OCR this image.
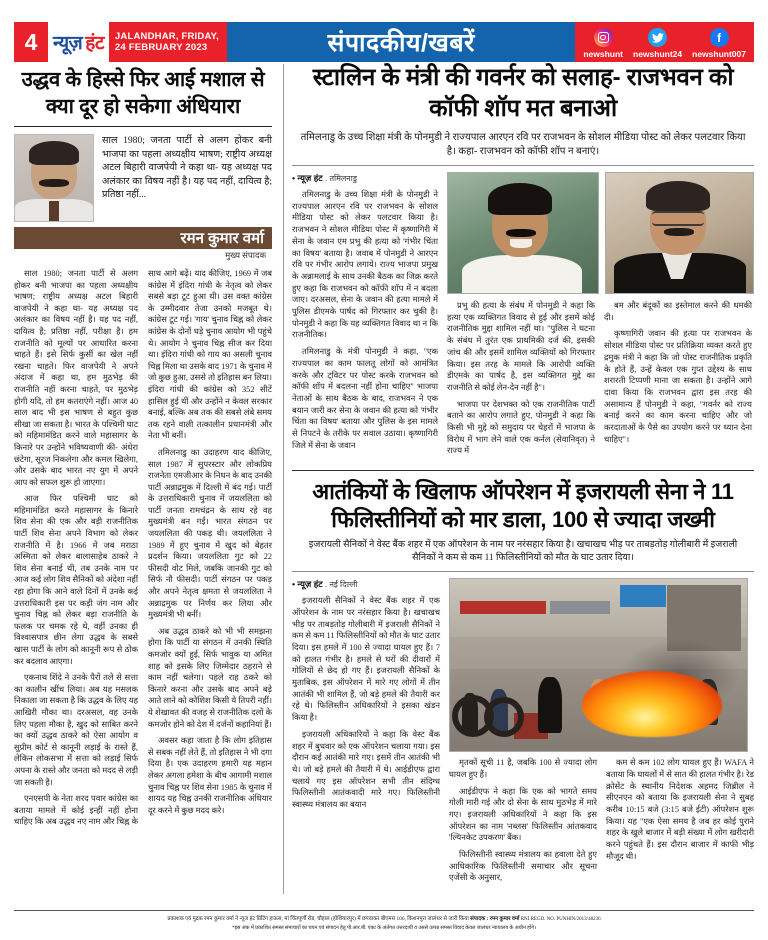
4 न्यूज़ हंट JALANDHAR, FRIDAY,
24 FEBRUARY 2023	संपादकीय/खबरें	newshunt newshunt24
f
newshunt007
उद्धव के हिस्से फिर आई मशाल से क्या दूर हो सकेगा अंधियारा
साल 1980; जनता पार्टी से अलग होकर बनी भाजपा का पहला अध्यक्षीय भाषण; राष्ट्रीय अध्यक्ष अटल बिहारी वाजपेयी ने कहा था- यह अध्यक्ष पद अलंकार का विषय नहीं है। यह पद नहीं, दायित्व है; प्रतिष्ठा नहीं...
रमन कुमार वर्मा
मुख्य संपादक

साल 1980; जनता पार्टी से अलग होकर बनी भाजपा का पहला अध्यक्षीय भाषण; राष्ट्रीय अध्यक्ष अटल बिहारी वाजपेयी ने कहा था- यह अध्यक्ष पद अलंकार का विषय नहीं है। यह पद नहीं, दायित्व है; प्रतिष्ठा नहीं, परीक्षा है। हम राजनीति को मूल्यों पर आधारित करना चाहते हैं। इसे सिर्फ कुर्सी का खेल नहीं रखना चाहते। फिर वाजपेयी ने अपने अंदाज में कहा था, हम मुठभेड़ की राजनीति नहीं करना चाहते, पर मुठभेड़ होगी यदि, तो हम कतराएंगे नहीं। आज 40 साल बाद भी इस भाषण से बहुत कुछ सीखा जा सकता है। भारत के पश्चिमी घाट को महिमामंडित करने वाले महासागर के किनारे पर उन्होंने भविष्यवाणी की- अंधेरा छंटेगा, सूरज निकलेगा और कमल खिलेगा, और उसके बाद भारत नए युग में अपने आप को सफल शुरू हो जाएगा।

आज फिर पश्चिमी घाट को महिमामंडित करते महासागर के किनारे शिव सेना की एक और बड़ी राजनीतिक पार्टी शिव सेना अपने विभाग को लेकर राजनीति में है। 1966 में जब मराठा अस्मिता को लेकर बालासाहेब ठाकरे ने शिव सेना बनाई थी, तब उनके नाम पर आज कई लोग शिव सैनिकों को अंदेशा नहीं रहा होगा कि आने वाले दिनों में उनके कई उत्तराधिकारी इस पर कड़ी जंग नाम और चुनाव चिह्न को लेकर बड़ा राजनीति के फलक पर चमक रहे थे, वहीं उनका ही विश्वासपात्र छीन लेगा उद्धव के सबसे खास पार्टी के लोग को कानूनी रूप से ठोक कर बदलाव आएगा।

एकनाथ शिंदे ने उनके पैरों तले से सत्ता का कालीन खींच लिया। अब यह मसलक निकाला जा सकता है कि उद्धव के लिए यह आखिरी मौका था। दरअसल, वह उनके लिए पहला मौका है, खुद को साबित करने का क्यों उद्धव ठाकरे को ऐसा आयोग व सुप्रीम कोर्ट से कानूनी लड़ाई के रास्ते हैं, लेकिन लोकसभा में सत्ता को लड़ाई सिर्फ अपना के रास्ते और जनता को मदद से लड़ी जा सकती है।

एनएसपी के नेता शरद पवार कांग्रेस का बताया मामले में कोई इन्हीं नहीं होना चाहिए कि अब उद्धव नए नाम और चिह्न के साथ आगे बढ़ें। याद कीजिए, 1969 में जब कांग्रेस में इंदिरा गांधी के नेतृत्व को लेकर सबसे बड़ा टूट हुआ थी। उस वक्त कांग्रेस के उम्मीदवार तेजा उनको मजबूत थे। कांग्रेस टूट गई। 'गाय' चुनाव चिह्न को लेकर कांग्रेस के दोनों धड़े चुनाव आयोग भी पहुंचे थे। आयोग ने चुनाव चिह्न सीज कर दिया था। इंदिरा गांधी को गाय का असली चुनाव चिह्न मिला था उसके बाद 1971 के चुनाव में जो कुछ हुआ, उससे तो इतिहास बन लिया। इंदिरा गांधी की कांग्रेस को 352 सीटें हासिल हुई थीं और उन्होंने न केवल सरकार बनाई, बल्कि अब तक की सबसे लंबे समय तक रहने वाली तत्कालीन प्रधानमंत्री और नेता भी बनीं।

तमिलनाडु का उदाहरण याद कीजिए, साल 1987 में सुपरस्टार और लोकप्रिय राजनेता एमजीआर के निधन के बाद उनकी पार्टी अन्नाद्रमुक में दिल्ली में बंद गई। पार्टी के उत्तराधिकारी चुनाव में जयललिता को पार्टी जनता रामचंद्रन के साथ रहे वह मुख्यमंत्री बन गईं। भारत संगठन पर जयललिता की पकड़ थी। जयललिता ने 1989 में हुए चुनाव में खुद को बेहतर प्रदर्शन किया। जयललिता गुट को 22 फीसदी वोट मिले, जबकि जानकी गुट को सिर्फ नौ फीसदी। पार्टी संगठन पर पकड़ और अपने नेतृत्व क्षमता से जयललिता ने अन्नाद्रमुक पर निर्णय कर लिया और मुख्यमंत्री भी बनीं।

अब उद्धव ठाकरे को भी भी समझना होगा कि पार्टी या संगठन में उनकी स्थिति कमजोर क्यों हुई, सिर्फ भावुक या अमित शाह को इसके लिए जिम्मेदार ठहराने से काम नहीं चलेगा। पहले राह ठकरे को किनारे करना और उसके बाद अपने बड़े आते लाने को कोशिश किसी ये तिपरी नहीं। ये शेखावत की वजह से राजनीतिक दलों के कमजोर होने को देश में दर्जनों कहानियां हैं।

अवसर कहा जाता है कि लोग इतिहास से सबक नहीं लेते हैं, तो इतिहास ने भी दगा दिया है। एक उदाहरण हमारी यह महान लेकर अगला हमेशा के बीच आगामी मशाल चुनाव चिह्न पर शिव सेना 1985 के चुनाव में शायद यह चिह्न उनकी राजनीतिक अंधियार दूर करने में कुछ मदद करे।

स्टालिन के मंत्री की गवर्नर को सलाह- राजभवन को कॉफी शॉप मत बनाओ
तमिलनाडु के उच्च शिक्षा मंत्री के पोनमुडी ने राज्यपाल आरएन रवि पर राजभवन के सोशल मीडिया पोस्ट को लेकर पलटवार किया है। कहा- राजभवन को कॉफी शॉप न बनाएं।
• न्यूज़ हंट . तमिलनाडु

तमिलनाडु के उच्च शिक्षा मंत्री के पोनमुडी ने राज्यपाल आरएन रवि पर राजभवन के सोशल मीडिया पोस्ट को लेकर पलटवार किया है। राजभवन ने सोशल मीडिया पोस्ट में कृष्णागिरी में सेना के जवान एम प्रभु की हत्या को 'गंभीर चिंता का विषय' बताया है। जवाब में पोनमुडी ने आरएन रवि पर गंभीर आरोप लगाये। राज्य भाजपा प्रमुख के अन्नामलाई के साथ उनकी बैठक का जिक्र करते हुए कहा कि राजभवन को कॉफी शॉप में न बदला जाए। दरअसल, सेना के जवान की हत्या मामले में पुलिस डीएमके पार्षद को गिरफ्तार कर चुकी है। पोनमुडी ने कहा कि यह व्यक्तिगत विवाद था न कि राजनीतिक।

तमिलनाडु के मंत्री पोनमुडी ने कहा, "एक राज्यपाल का काम फालतू लोगों को आमंत्रित करके और ट्विटर पर पोस्ट करके राजभवन को कॉफी शॉप में बदलना नहीं होना चाहिए" भाजपा नेताओं के साथ बैठक के बाद, राजभवन ने एक बयान जारी कर सेना के जवान की हत्या को 'गंभीर चिंता का विषय' बताया और पुलिस के इस मामले से निपटने के तरीके पर सवाल उठाया। कृष्णागिरी जिले में सेना के जवान

प्रभु की हत्या के संबंध में पोनमुडी ने कहा कि हत्या एक व्यक्तिगत विवाद से हुई और इसमें कोई राजनीतिक मुद्दा शामिल नहीं था। "पुलिस ने घटना के संबंध में तुरंत एक प्राथमिकी दर्ज की, इसकी जांच की और इसमें शामिल व्यक्तियों को गिरफ्तार किया। इस तरह के मामले कि आरोपी व्यक्ति डीएमके का पार्षद है, इस व्यक्तिगत मुद्दे का राजनीति से कोई लेन-देन नहीं है"।

भाजपा पर देशभक्त को एक राजनीतिक पार्टी बताने का आरोप लगाते हुए, पोनमुडी ने कहा कि किसी भी मुद्दे को समुदाय पर चेहरों में भाजपा के विरोध में भाग लेने वाले एक कर्नल (सेवानिवृत) ने राज्य में

बम और बंदूकों का इस्तेमाल करने की धमकी दी।

कृष्णागिरी जवान की हत्या पर राजभवन के सोशल मीडिया पोस्ट पर प्रतिक्रिया व्यक्त करते हुए द्रमुक मंत्री ने कहा कि जो पोस्ट राजनीतिक प्रकृति के होते हैं, उन्हें केवल एक गुप्त उद्देश्य के साथ शरारती टिप्पणी माना जा सकता है। उन्होंने आगे दावा किया कि राजभवन द्वारा इस तरह की असामान्य हैं पोनमुडी ने कहा, "गवर्नर को राज्य बनाई करने का काम करना चाहिए और जो करदाताओं के पैसे का उपयोग करने पर ध्यान देना चाहिए"।

आतंकियों के खिलाफ ऑपरेशन में इजरायली सेना ने 11 फिलिस्तीनियों को मार डाला, 100 से ज्यादा जख्मी
इजरायली सैनिकों ने वेस्ट बैंक शहर में एक ऑपरेशन के नाम पर नरंसहार किया है। खचाखच भीड़ पर ताबड़तोड़ गोलीबारी में इजराली सैनिकों ने कम से कम 11 फिलिस्तीनियों को मौत के घाट उतार दिया।
• न्यूज़ हंट . नई दिल्ली

इजरायली सैनिकों ने वेस्ट बैंक शहर में एक ऑपरेशन के नाम पर नरंसहार किया है। खचाखच भीड़ पर ताबड़तोड़ गोलीबारी में इजराली सैनिकों ने कम से कम 11 फिलिस्तीनियों को मौत के घाट उतार दिया। इस हमले में 100 से ज्यादा घायल हुए हैं। 7 को हालत गंभीर है। हमले से घरों की दीवारों में गोलियों से छेद हो गए हैं। इजरायली सैनिकों के मुताबिक, इस ऑपरेशन में मारे गए लोगों में तीन आतंकी भी शामिल हैं, जो बड़े हमले की तैयारी कर रहे थे। फिलिस्तीन अधिकारियों ने इसका खंडन किया है।

इजरायली अधिकारियों ने कहा कि वेस्ट बैंक शहर में बुधवार को एक ऑपरेशन चलाया गया। इस दौरान कई आतंकी मारे गए। इसमें तीन आतंकी भी थे। जो बड़े हमले की तैयारी में थे। आईडीएफ द्वारा चलाये गए इस ऑपरेशन सभी तीन संदिग्ध फिलिस्तीनी आतंकवादी मारे गए। फिलिस्तीनी स्वास्थ्य मंत्रालय का बयान

मृतकों सूची 11 है, जबकि 100 से ज्यादा लोग घायल हुए हैं।

आईडीएफ ने कहा कि एक को भागते समय गोली मारी गई और दो सेना के साथ मुठभेड़ में मारे गए। इजरायली अधिकारियों ने कहा कि इस ऑपरेशन का नाम 'नब्लस' फिलिस्तीन आंतकवाद 'ल्यिनकेट उपकरण' बैंक।

फिलिस्तीनी स्वास्थ्य मंत्रालय का हवाला देते हुए आधिकारिक फिलिस्तीनी समाचार और सूचना एजेंसी के अनुसार,

कम से कम 102 लोग घायल हुए हैं। WAFA ने बताया कि घायलों में से सात की हालत गंभीर है। रेड क्रोसेंट के स्थानीय निदेशक अहमद जिब्रील ने सीएनएन को बताया कि इजरायली सेना ने सुबह करीब 10:15 बजे (3:15 बजे ईटी) ऑपरेशन शुरू किया। यह "एक ऐसा समय है जब हर कोई पुराने शहर के खुले बाजार में बड़ी संख्या में लोग खरीदारी करने पहुंचते हैं। इस दौरान बाजार में काफी भीड़ मौजूद थी।

प्रकाशक एवं मुद्रक रमन कुमार वर्मा ने न्यूज हंट प्रिंटिंग हाऊस, मां चिंतपूर्णी रोड, चौहाल (होशियारपुर) में छपवाकर बीएमस 106, किशनपुरा जालंधर से जारी किया संपादक : रमन कुमार वर्मा RNI REGD. NO. PUNHIN/2013/48236
*इस अंक में प्रकाशित समस्त समाचारों का चयन एवं संपादन हेतु पी.आर.बी. एक्ट के अंर्तगत उत्तरदायी व उससे उत्पन्न समस्त विवाद केवल जालंधर न्यायालय के अधीन होंगे।
